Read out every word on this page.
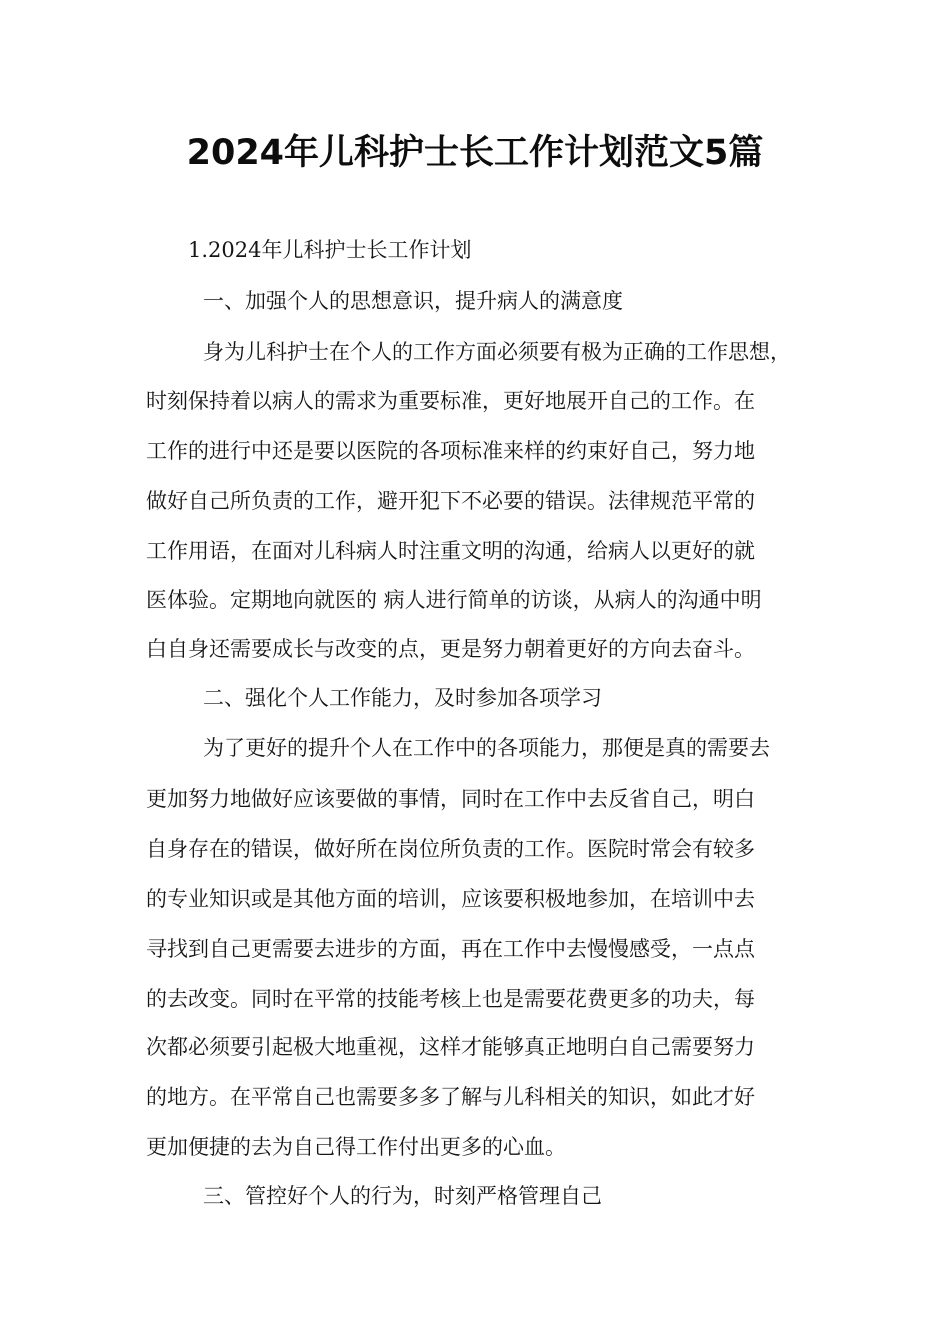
2024年儿科护士长工作计划范文5篇

1.2024年儿科护士长工作计划

一、加强个人的思想意识，提升病人的满意度

身为儿科护士在个人的工作方面必须要有极为正确的工作思想，

时刻保持着以病人的需求为重要标准，更好地展开自己的工作。在

工作的进行中还是要以医院的各项标准来样的约束好自己，努力地

做好自己所负责的工作，避开犯下不必要的错误。法律规范平常的

工作用语，在面对儿科病人时注重文明的沟通，给病人以更好的就

医体验。定期地向就医的 病人进行简单的访谈，从病人的沟通中明

白自身还需要成长与改变的点，更是努力朝着更好的方向去奋斗。

二、强化个人工作能力，及时参加各项学习

为了更好的提升个人在工作中的各项能力，那便是真的需要去

更加努力地做好应该要做的事情，同时在工作中去反省自己，明白

自身存在的错误，做好所在岗位所负责的工作。医院时常会有较多

的专业知识或是其他方面的培训，应该要积极地参加，在培训中去

寻找到自己更需要去进步的方面，再在工作中去慢慢感受，一点点

的去改变。同时在平常的技能考核上也是需要花费更多的功夫，每

次都必须要引起极大地重视，这样才能够真正地明白自己需要努力

的地方。在平常自己也需要多多了解与儿科相关的知识，如此才好

更加便捷的去为自己得工作付出更多的心血。

三、管控好个人的行为，时刻严格管理自己
